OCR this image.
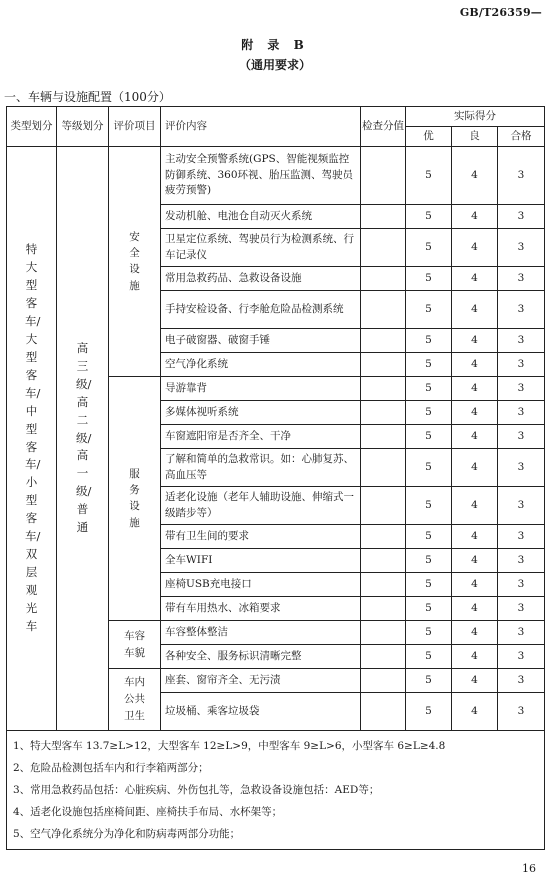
GB/T26359—
附 录 B
（通用要求）
一、车辆与设施配置（100分）
类型划分	等级划分	评价项目	评价内容	检查分值	实际得分		
					优	良	合格
特大型客车/大型客车/中型客车/小型客车/双层观光车	高三级/高二级/高一级/普通	安全设施	主动安全预警系统(GPS、智能视频监控防御系统、360环视、胎压监测、驾驶员疲劳预警)		5	4	3
			发动机舱、电池仓自动灭火系统		5	4	3
			卫星定位系统、驾驶员行为检测系统、行车记录仪		5	4	3
			常用急救药品、急救设备设施		5	4	3
			手持安检设备、行李舱危险品检测系统		5	4	3
			电子破窗器、破窗手锤		5	4	3
			空气净化系统		5	4	3
		服务设施	导游靠背		5	4	3
			多媒体视听系统		5	4	3
			车窗遮阳帘是否齐全、干净		5	4	3
			了解和简单的急救常识。如：心肺复苏、高血压等		5	4	3
			适老化设施（老年人辅助设施、伸缩式一级踏步等）		5	4	3
			带有卫生间的要求		5	4	3
			全车WIFI		5	4	3
			座椅USB充电接口		5	4	3
			带有车用热水、冰箱要求		5	4	3
		车容车貌	车容整体整洁		5	4	3
			各种安全、服务标识清晰完整		5	4	3
		车内公共卫生	座套、窗帘齐全、无污渍		5	4	3
			垃圾桶、乘客垃圾袋		5	4	3

1、特大型客车 13.7≥L>12，大型客车 12≥L>9，中型客车 9≥L>6，小型客车 6≥L≥4.8
2、危险品检测包括车内和行李箱两部分；
3、常用急救药品包括：心脏疾病、外伤包扎等，急救设备设施包括：AED等；
4、适老化设施包括座椅间距、座椅扶手布局、水杯架等；
5、空气净化系统分为净化和防病毒两部分功能；							
16
